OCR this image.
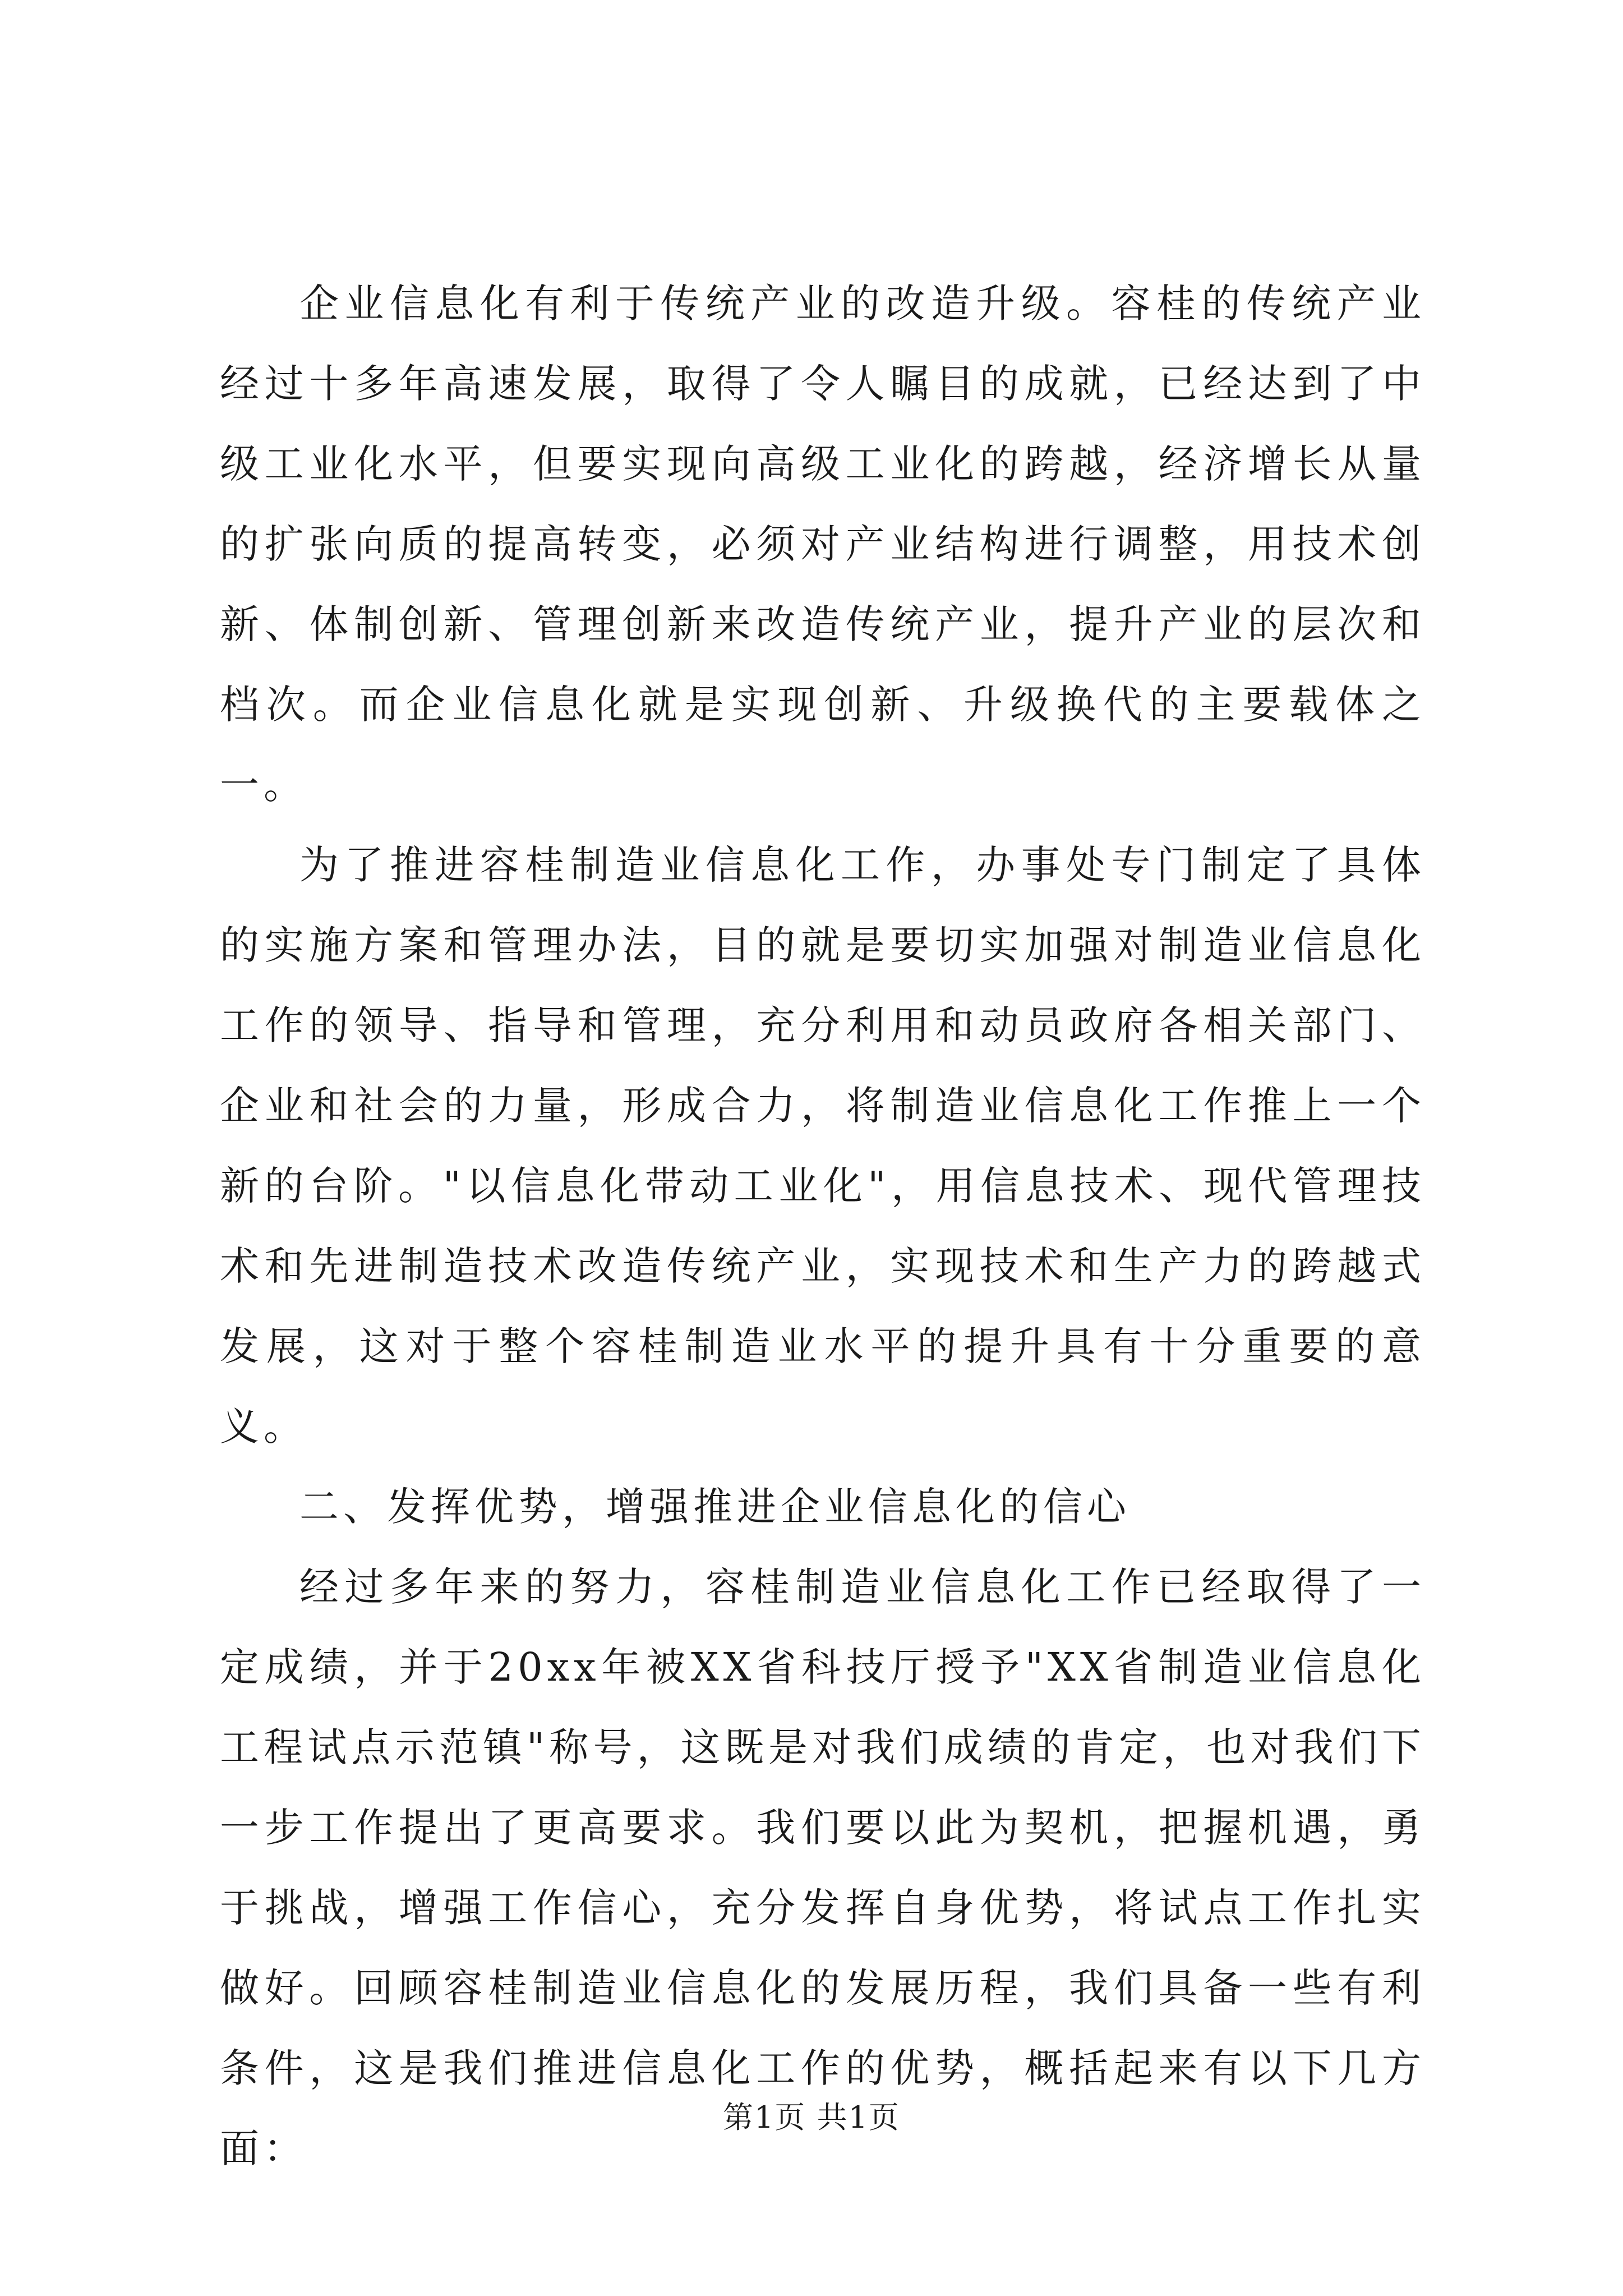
企业信息化有利于传统产业的改造升级。容桂的传统产业经过十多年高速发展，取得了令人瞩目的成就，已经达到了中级工业化水平，但要实现向高级工业化的跨越，经济增长从量的扩张向质的提高转变，必须对产业结构进行调整，用技术创新、体制创新、管理创新来改造传统产业，提升产业的层次和档次。而企业信息化就是实现创新、升级换代的主要载体之一。

为了推进容桂制造业信息化工作，办事处专门制定了具体的实施方案和管理办法，目的就是要切实加强对制造业信息化工作的领导、指导和管理，充分利用和动员政府各相关部门、企业和社会的力量，形成合力，将制造业信息化工作推上一个新的台阶。"以信息化带动工业化"，用信息技术、现代管理技术和先进制造技术改造传统产业，实现技术和生产力的跨越式发展，这对于整个容桂制造业水平的提升具有十分重要的意义。

二、发挥优势，增强推进企业信息化的信心

经过多年来的努力，容桂制造业信息化工作已经取得了一定成绩，并于20xx年被XX省科技厅授予"XX省制造业信息化工程试点示范镇"称号，这既是对我们成绩的肯定，也对我们下一步工作提出了更高要求。我们要以此为契机，把握机遇，勇于挑战，增强工作信心，充分发挥自身优势，将试点工作扎实做好。回顾容桂制造业信息化的发展历程，我们具备一些有利条件，这是我们推进信息化工作的优势，概括起来有以下几方面：

第1页 共1页
